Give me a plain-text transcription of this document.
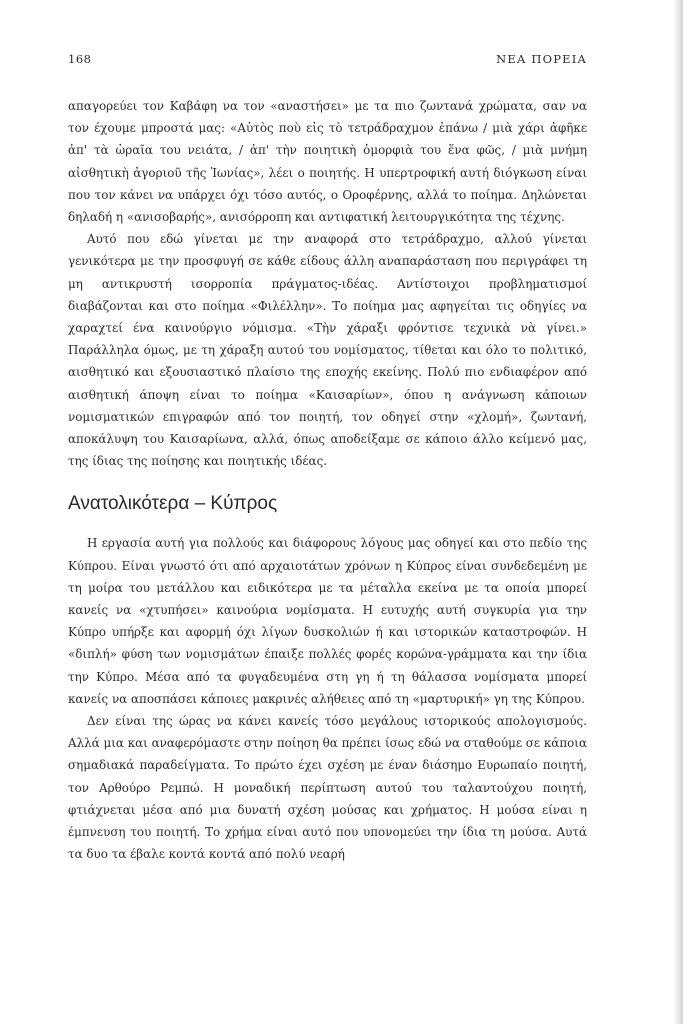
168	ΝΕΑ ΠΟΡΕΙΑ

απαγορεύει τον Καβάφη να τον «αναστήσει» με τα πιο ζωντανά χρώματα, σαν να τον έχουμε μπροστά μας: «Αὐτὸς ποὺ εἰς τὸ τετράδραχμον ἐπάνω / μιὰ χάρι ἀφῆκε ἀπ' τὰ ὡραῖα του νειάτα, / ἀπ' τὴν ποιητικὴ ὀμορφιὰ του ἕνα φῶς, / μιὰ μνήμη αἰσθητικὴ ἀγοριοῦ τῆς Ἰωνίας», λέει ο ποιητής. Η υπερτροφική αυτή διόγκωση είναι που τον κάνει να υπάρχει όχι τόσο αυτός, ο Οροφέρνης, αλλά το ποίημα. Δηλώνεται δηλαδή η «ανισοβαρής», ανισόρροπη και αντιφατική λειτουργικότητα της τέχνης.

Αυτό που εδώ γίνεται με την αναφορά στο τετράδραχμο, αλλού γίνεται γενικότερα με την προσφυγή σε κάθε είδους άλλη αναπαράσταση που περιγράφει τη μη αντικρυστή ισορροπία πράγματος-ιδέας. Αντίστοιχοι προβληματισμοί διαβάζονται και στο ποίημα «Φιλέλλην». Το ποίημα μας αφηγείται τις οδηγίες να χαραχτεί ένα καινούργιο νόμισμα. «Τὴν χάραξι φρόντισε τεχνικὰ νὰ γίνει.» Παράλληλα όμως, με τη χάραξη αυτού του νομίσματος, τίθεται και όλο το πολιτικό, αισθητικό και εξουσιαστικό πλαίσιο της εποχής εκείνης. Πολύ πιο ενδιαφέρον από αισθητική άποψη είναι το ποίημα «Καισαρίων», όπου η ανάγνωση κάποιων νομισματικών επιγραφών από τον ποιητή, τον οδηγεί στην «χλομή», ζωντανή, αποκάλυψη του Καισαρίωνα, αλλά, όπως αποδείξαμε σε κάποιο άλλο κείμενό μας, της ίδιας της ποίησης και ποιητικής ιδέας.

Ανατολικότερα – Κύπρος

Η εργασία αυτή για πολλούς και διάφορους λόγους μας οδηγεί και στο πεδίο της Κύπρου. Είναι γνωστό ότι από αρχαιοτάτων χρόνων η Κύπρος είναι συνδεδεμένη με τη μοίρα του μετάλλου και ειδικότερα με τα μέταλλα εκείνα με τα οποία μπορεί κανείς να «χτυπήσει» καινούρια νομίσματα. Η ευτυχής αυτή συγκυρία για την Κύπρο υπήρξε και αφορμή όχι λίγων δυσκολιών ή και ιστορικών καταστροφών. Η «διπλή» φύση των νομισμάτων έπαιξε πολλές φορές κορώνα-γράμματα και την ίδια την Κύπρο. Μέσα από τα φυγαδευμένα στη γη ή τη θάλασσα νομίσματα μπορεί κανείς να αποσπάσει κάποιες μακρινές αλήθειες από τη «μαρτυρική» γη της Κύπρου.

Δεν είναι της ώρας να κάνει κανείς τόσο μεγάλους ιστορικούς απολογισμούς. Αλλά μια και αναφερόμαστε στην ποίηση θα πρέπει ίσως εδώ να σταθούμε σε κάποια σημαδιακά παραδείγματα. Το πρώτο έχει σχέση με έναν διάσημο Ευρωπαίο ποιητή, τον Αρθούρο Ρεμπώ. Η μοναδική περίπτωση αυτού του ταλαντούχου ποιητή, φτιάχνεται μέσα από μια δυνατή σχέση μούσας και χρήματος. Η μούσα είναι η έμπνευση του ποιητή. Το χρήμα είναι αυτό που υπονομεύει την ίδια τη μούσα. Αυτά τα δυο τα έβαλε κοντά κοντά από πολύ νεαρή
